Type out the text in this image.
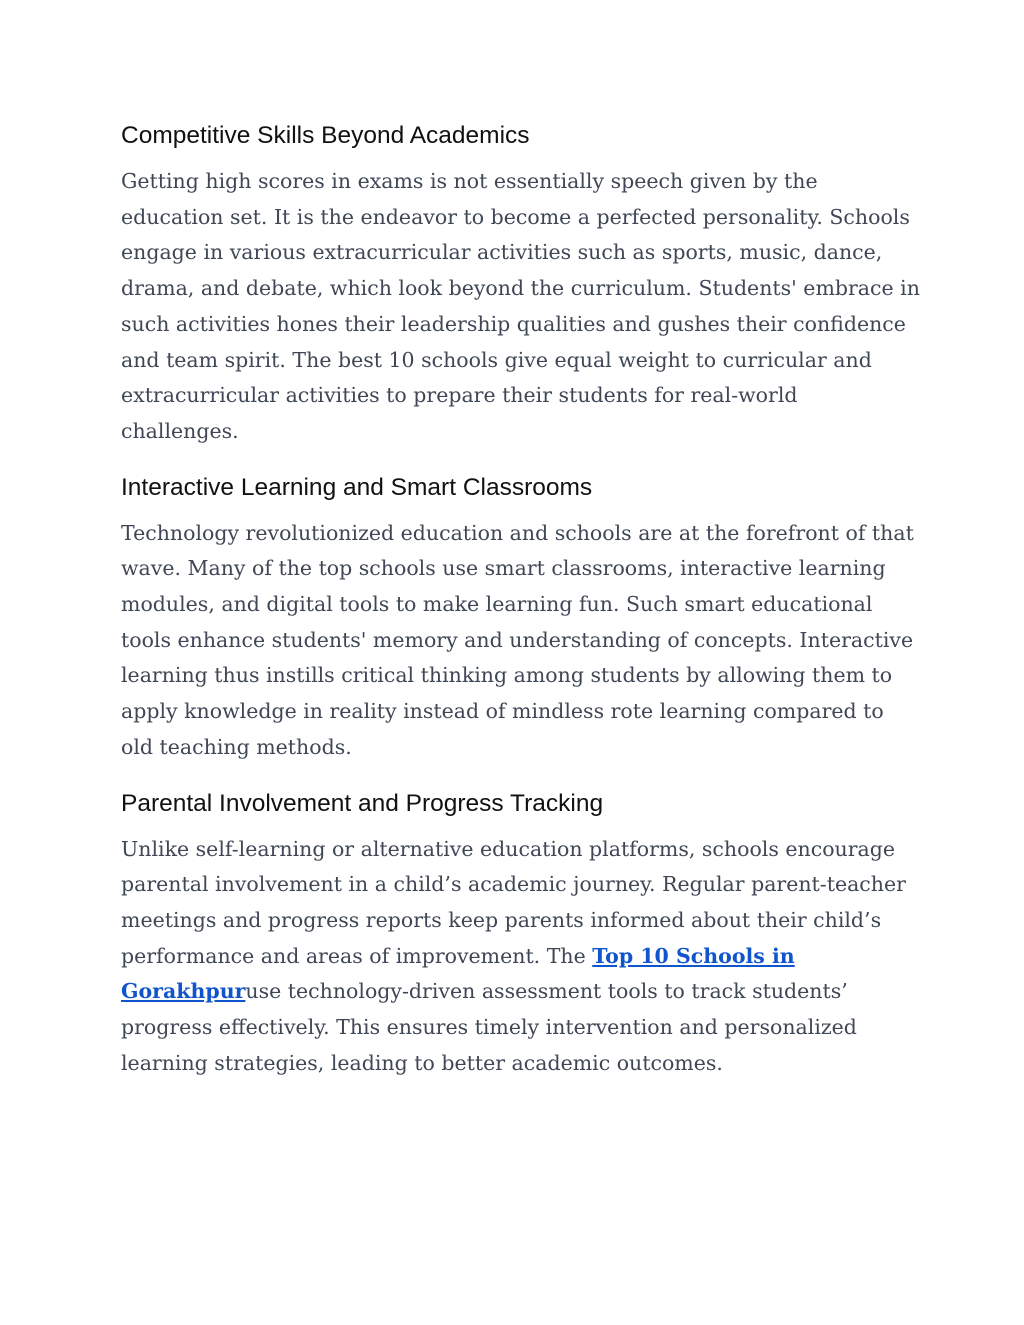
Competitive Skills Beyond Academics

Getting high scores in exams is not essentially speech given by the education set. It is the endeavor to become a perfected personality. Schools engage in various extracurricular activities such as sports, music, dance, drama, and debate, which look beyond the curriculum. Students' embrace in such activities hones their leadership qualities and gushes their confidence and team spirit. The best 10 schools give equal weight to curricular and extracurricular activities to prepare their students for real-world challenges.

Interactive Learning and Smart Classrooms

Technology revolutionized education and schools are at the forefront of that wave. Many of the top schools use smart classrooms, interactive learning modules, and digital tools to make learning fun. Such smart educational tools enhance students' memory and understanding of concepts. Interactive learning thus instills critical thinking among students by allowing them to apply knowledge in reality instead of mindless rote learning compared to old teaching methods.

Parental Involvement and Progress Tracking

Unlike self-learning or alternative education platforms, schools encourage parental involvement in a child’s academic journey. Regular parent-teacher meetings and progress reports keep parents informed about their child’s performance and areas of improvement. The Top 10 Schools in Gorakhpuruse technology-driven assessment tools to track students’ progress effectively. This ensures timely intervention and personalized learning strategies, leading to better academic outcomes.
